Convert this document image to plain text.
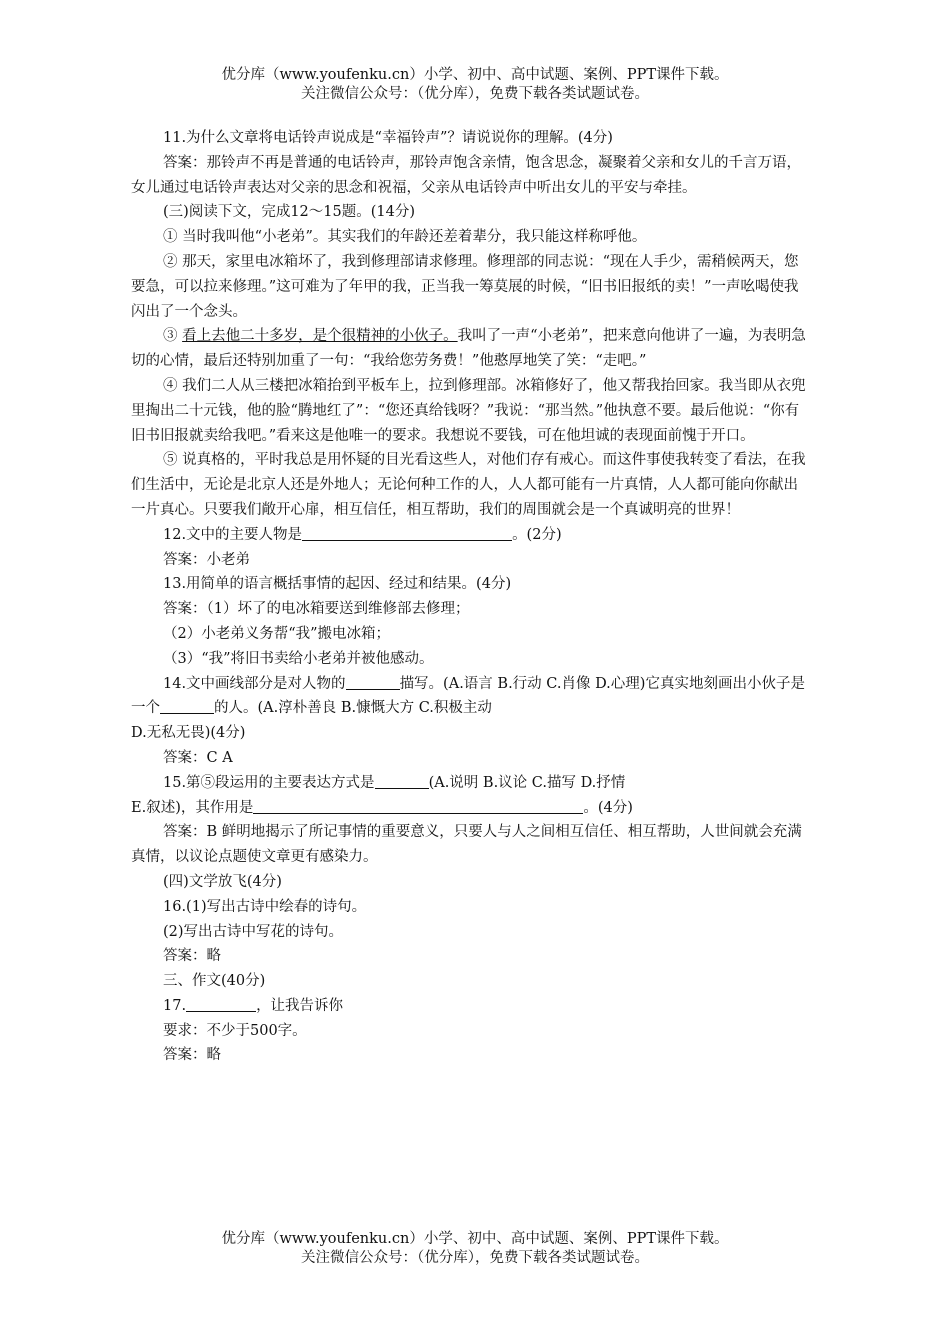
优分库（www.youfenku.cn）小学、初中、高中试题、案例、PPT课件下载。
关注微信公众号：（优分库），免费下载各类试题试卷。

11.为什么文章将电话铃声说成是“幸福铃声”？请说说你的理解。(4分)

答案：那铃声不再是普通的电话铃声，那铃声饱含亲情，饱含思念，凝聚着父亲和女儿的千言万语，女儿通过电话铃声表达对父亲的思念和祝福，父亲从电话铃声中听出女儿的平安与牵挂。

(三)阅读下文，完成12～15题。(14分)

① 当时我叫他“小老弟”。其实我们的年龄还差着辈分，我只能这样称呼他。

② 那天，家里电冰箱坏了，我到修理部请求修理。修理部的同志说：“现在人手少，需稍候两天，您要急，可以拉来修理。”这可难为了年甲的我，正当我一筹莫展的时候，“旧书旧报纸的卖！”一声吆喝使我闪出了一个念头。

③ 看上去他二十多岁，是个很精神的小伙子。我叫了一声“小老弟”，把来意向他讲了一遍，为表明急切的心情，最后还特别加重了一句：“我给您劳务费！”他憨厚地笑了笑：“走吧。”

④ 我们二人从三楼把冰箱抬到平板车上，拉到修理部。冰箱修好了，他又帮我抬回家。我当即从衣兜里掏出二十元钱，他的脸“腾地红了”：“您还真给钱呀？”我说：“那当然。”他执意不要。最后他说：“你有旧书旧报就卖给我吧。”看来这是他唯一的要求。我想说不要钱，可在他坦诚的表现面前愧于开口。

⑤ 说真格的，平时我总是用怀疑的目光看这些人，对他们存有戒心。而这件事使我转变了看法，在我们生活中，无论是北京人还是外地人；无论何种工作的人，人人都可能有一片真情，人人都可能向你献出一片真心。只要我们敞开心扉，相互信任，相互帮助，我们的周围就会是一个真诚明亮的世界！

12.文中的主要人物是	。(2分)

答案：小老弟

13.用简单的语言概括事情的起因、经过和结果。(4分)

答案：（1）坏了的电冰箱要送到维修部去修理；

（2）小老弟义务帮“我”搬电冰箱；

（3）“我”将旧书卖给小老弟并被他感动。

14.文中画线部分是对人物的	描写。(A.语言 B.行动 C.肖像 D.心理)它真实地刻画出小伙子是一个	的人。(A.淳朴善良 B.慷慨大方 C.积极主动

D.无私无畏)(4分)

答案：C A

15.第⑤段运用的主要表达方式是	(A.说明 B.议论 C.描写 D.抒情

E.叙述)，其作用是	。(4分)

答案：B 鲜明地揭示了所记事情的重要意义，只要人与人之间相互信任、相互帮助，人世间就会充满真情，以议论点题使文章更有感染力。

(四)文学放飞(4分)

16.(1)写出古诗中绘春的诗句。

(2)写出古诗中写花的诗句。

答案：略

三、作文(40分)

17.	，让我告诉你

要求：不少于500字。

答案：略

优分库（www.youfenku.cn）小学、初中、高中试题、案例、PPT课件下载。
关注微信公众号：（优分库），免费下载各类试题试卷。
